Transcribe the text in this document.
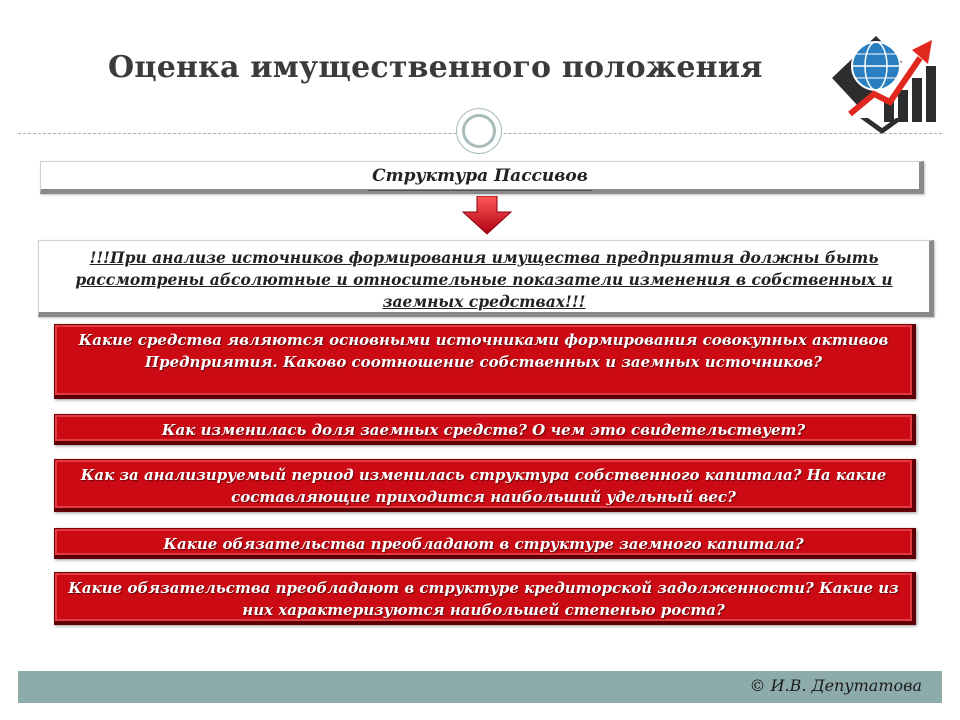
Оценка имущественного положения
Структура Пассивов
!!!При анализе источников формирования имущества предприятия должны быть рассмотрены абсолютные и относительные показатели изменения в собственных и заемных средствах!!!
Какие средства являются основными источниками формирования совокупных активов Предприятия. Каково соотношение собственных и заемных источников?
Как изменилась доля заемных средств? О чем это свидетельствует?
Как за анализируемый период изменилась структура собственного капитала? На какие составляющие приходится наибольший удельный вес?
Какие обязательства преобладают в структуре заемного капитала?
Какие обязательства преобладают в структуре кредиторской задолженности? Какие из них характеризуются наибольшей степенью роста?
© И.В. Депутатова
